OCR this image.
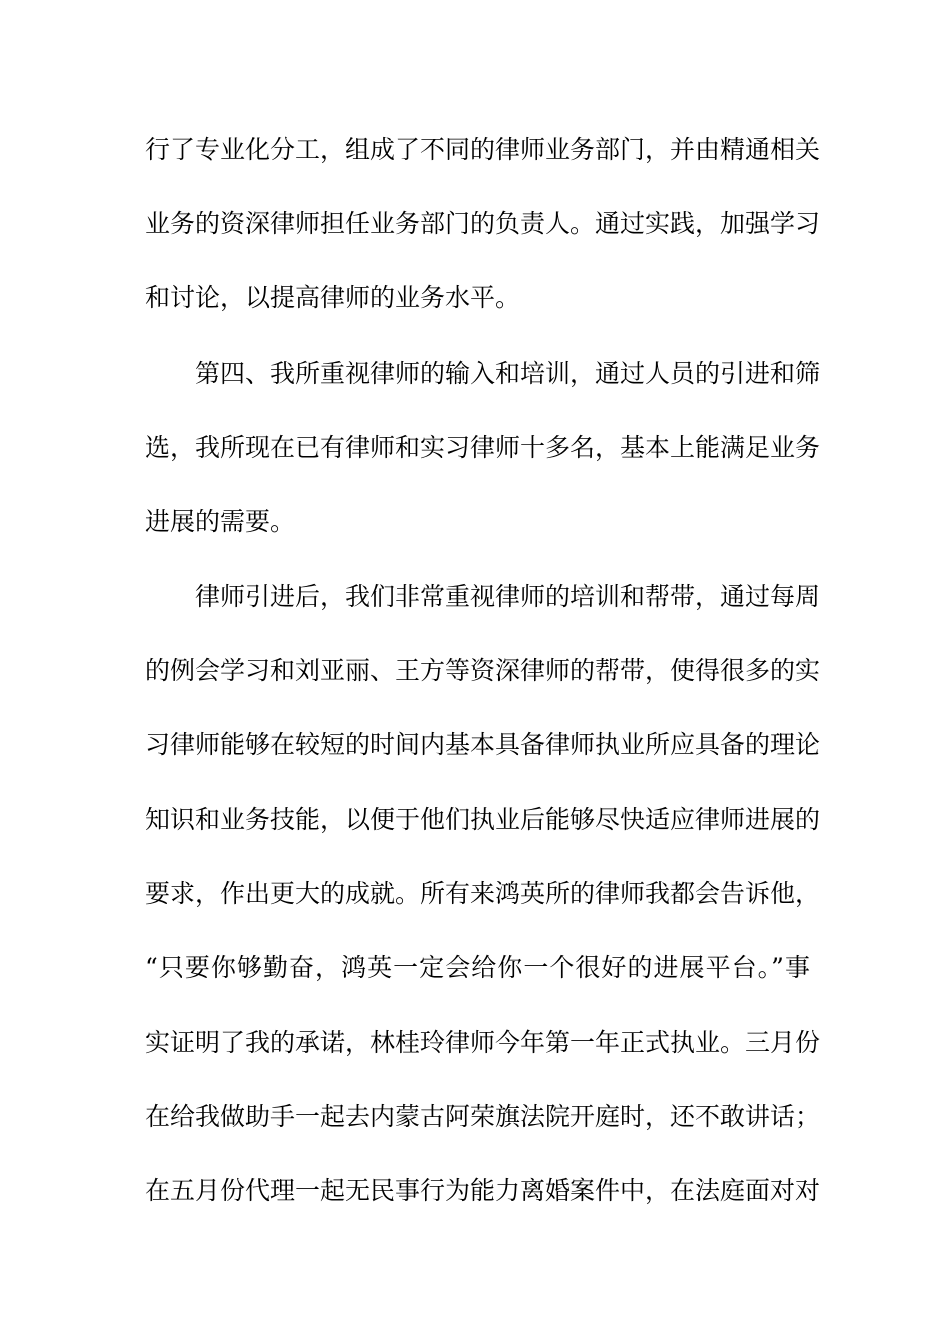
行了专业化分工，组成了不同的律师业务部门，并由精通相关
业务的资深律师担任业务部门的负责人。通过实践，加强学习
和讨论，以提高律师的业务水平。
第四、我所重视律师的输入和培训，通过人员的引进和筛
选，我所现在已有律师和实习律师十多名，基本上能满足业务
进展的需要。
律师引进后，我们非常重视律师的培训和帮带，通过每周
的例会学习和刘亚丽、王方等资深律师的帮带，使得很多的实
习律师能够在较短的时间内基本具备律师执业所应具备的理论
知识和业务技能，以便于他们执业后能够尽快适应律师进展的
要求，作出更大的成就。所有来鸿英所的律师我都会告诉他，
“只要你够勤奋，鸿英一定会给你一个很好的进展平台。”事
实证明了我的承诺，林桂玲律师今年第一年正式执业。三月份
在给我做助手一起去内蒙古阿荣旗法院开庭时，还不敢讲话；
在五月份代理一起无民事行为能力离婚案件中，在法庭面对对
